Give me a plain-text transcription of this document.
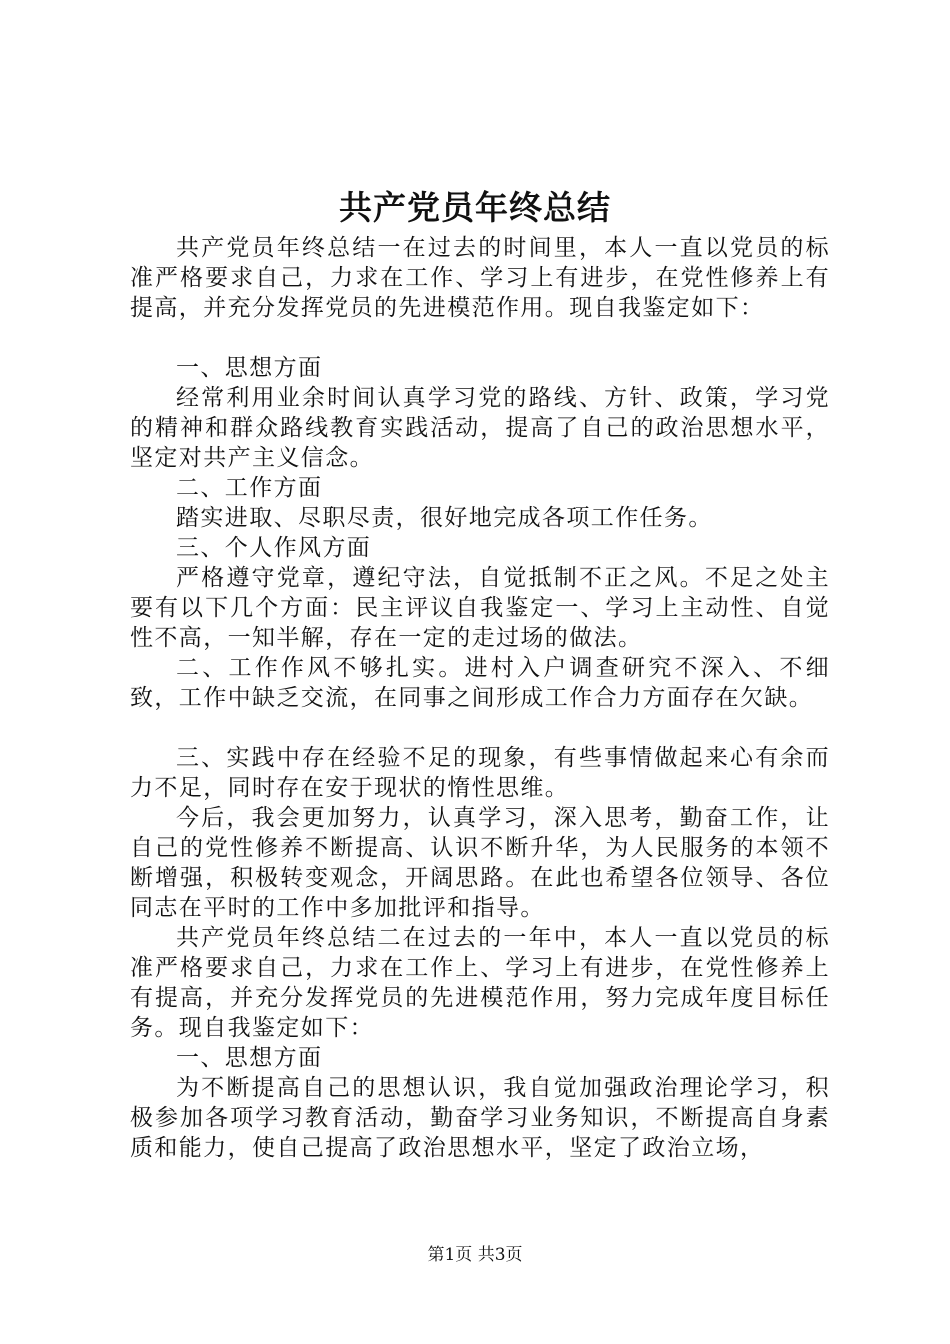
共产党员年终总结

共产党员年终总结一在过去的时间里，本人一直以党员的标准严格要求自己，力求在工作、学习上有进步，在党性修养上有提高，并充分发挥党员的先进模范作用。现自我鉴定如下：

一、思想方面

经常利用业余时间认真学习党的路线、方针、政策，学习党的精神和群众路线教育实践活动，提高了自己的政治思想水平，坚定对共产主义信念。

二、工作方面

踏实进取、尽职尽责，很好地完成各项工作任务。

三、个人作风方面

严格遵守党章，遵纪守法，自觉抵制不正之风。不足之处主要有以下几个方面：民主评议自我鉴定一、学习上主动性、自觉性不高，一知半解，存在一定的走过场的做法。

二、工作作风不够扎实。进村入户调查研究不深入、不细致，工作中缺乏交流，在同事之间形成工作合力方面存在欠缺。

三、实践中存在经验不足的现象，有些事情做起来心有余而力不足，同时存在安于现状的惰性思维。

今后，我会更加努力，认真学习，深入思考，勤奋工作，让自己的党性修养不断提高、认识不断升华，为人民服务的本领不断增强，积极转变观念，开阔思路。在此也希望各位领导、各位同志在平时的工作中多加批评和指导。

共产党员年终总结二在过去的一年中，本人一直以党员的标准严格要求自己，力求在工作上、学习上有进步，在党性修养上有提高，并充分发挥党员的先进模范作用，努力完成年度目标任务。现自我鉴定如下：

一、思想方面

为不断提高自己的思想认识，我自觉加强政治理论学习，积极参加各项学习教育活动，勤奋学习业务知识，不断提高自身素质和能力，使自己提高了政治思想水平，坚定了政治立场，

第1页 共3页
